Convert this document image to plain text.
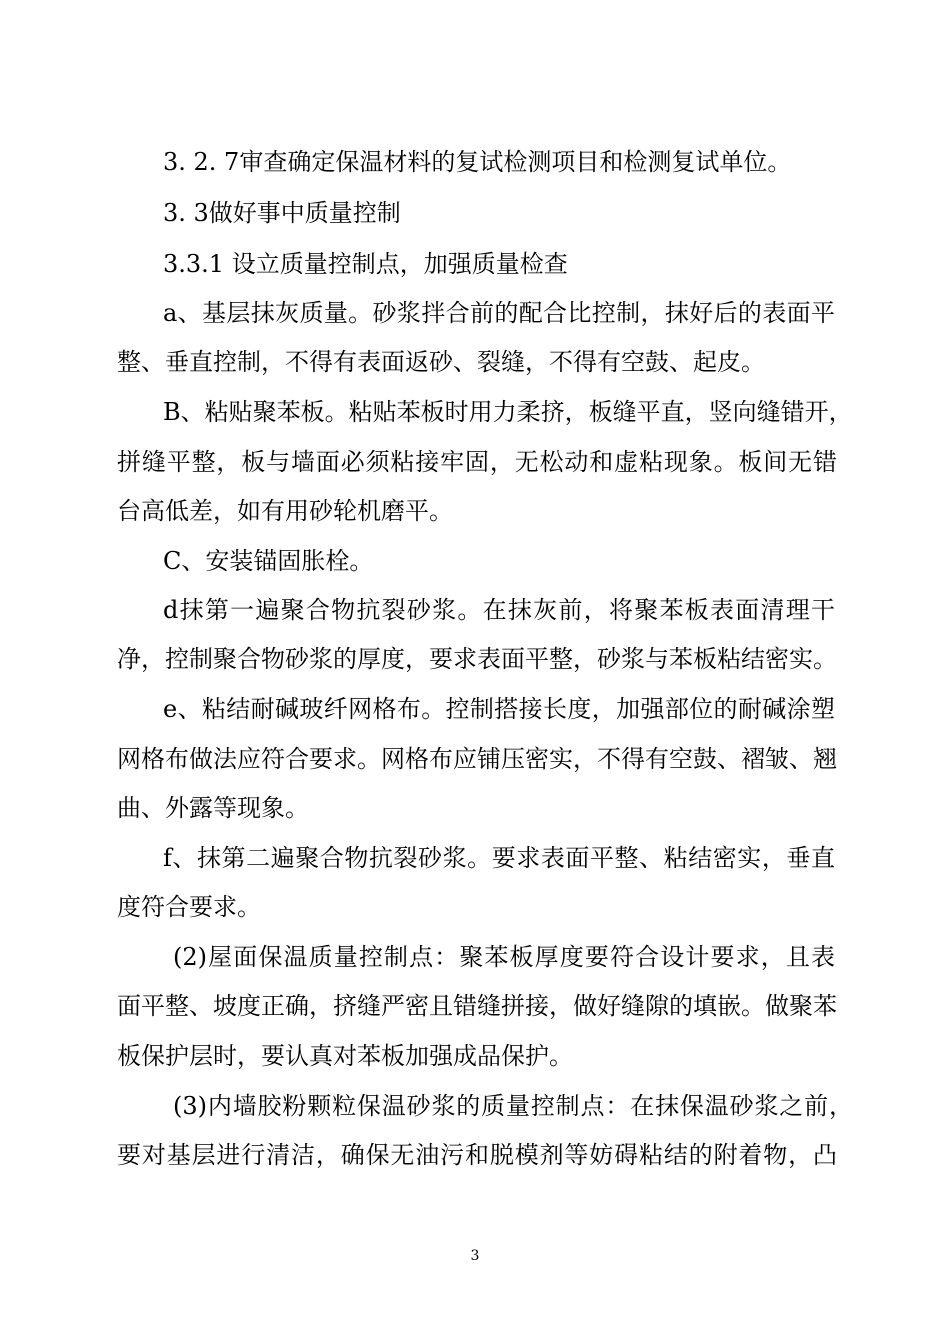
3. 2. 7审查确定保温材料的复试检测项目和检测复试单位。
3. 3做好事中质量控制
3.3.1 设立质量控制点，加强质量检查
a、基层抹灰质量。砂浆拌合前的配合比控制，抹好后的表面平
整、垂直控制，不得有表面返砂、裂缝，不得有空鼓、起皮。
B、粘贴聚苯板。粘贴苯板时用力柔挤，板缝平直，竖向缝错开，
拼缝平整，板与墙面必须粘接牢固，无松动和虚粘现象。板间无错
台高低差，如有用砂轮机磨平。
C、安装锚固胀栓。
d抹第一遍聚合物抗裂砂浆。在抹灰前，将聚苯板表面清理干
净，控制聚合物砂浆的厚度，要求表面平整，砂浆与苯板粘结密实。
e、粘结耐碱玻纤网格布。控制搭接长度，加强部位的耐碱涂塑
网格布做法应符合要求。网格布应铺压密实，不得有空鼓、褶皱、翘
曲、外露等现象。
f、抹第二遍聚合物抗裂砂浆。要求表面平整、粘结密实，垂直
度符合要求。
(2)屋面保温质量控制点：聚苯板厚度要符合设计要求，且表
面平整、坡度正确，挤缝严密且错缝拼接，做好缝隙的填嵌。做聚苯
板保护层时，要认真对苯板加强成品保护。
(3)内墙胶粉颗粒保温砂浆的质量控制点：在抹保温砂浆之前，
要对基层进行清洁，确保无油污和脱模剂等妨碍粘结的附着物，凸
3
